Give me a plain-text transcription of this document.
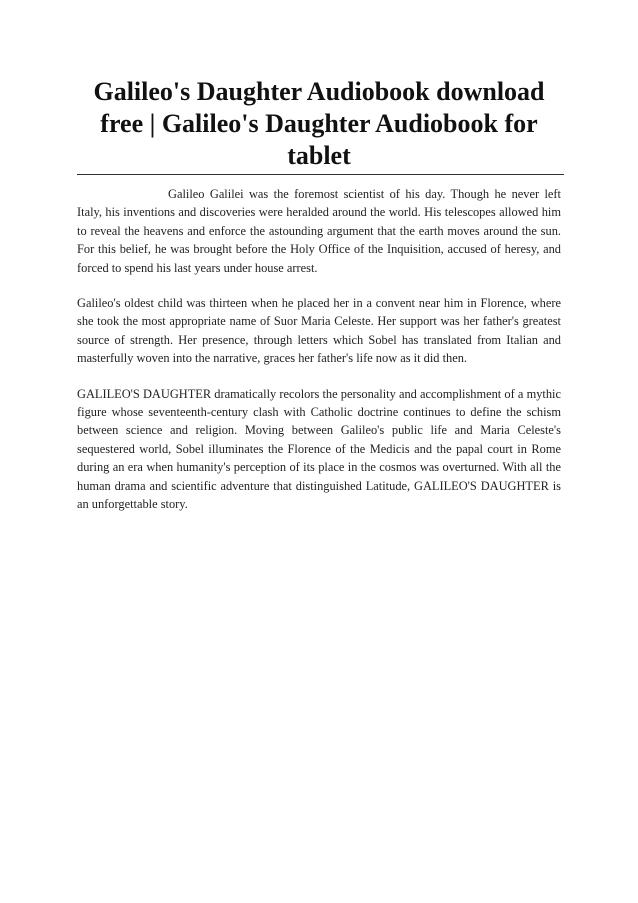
Galileo's Daughter Audiobook download free | Galileo's Daughter Audiobook for tablet

Galileo Galilei was the foremost scientist of his day. Though he never left Italy, his inventions and discoveries were heralded around the world. His telescopes allowed him to reveal the heavens and enforce the astounding argument that the earth moves around the sun. For this belief, he was brought before the Holy Office of the Inquisition, accused of heresy, and forced to spend his last years under house arrest.

Galileo's oldest child was thirteen when he placed her in a convent near him in Florence, where she took the most appropriate name of Suor Maria Celeste. Her support was her father's greatest source of strength. Her presence, through letters which Sobel has translated from Italian and masterfully woven into the narrative, graces her father's life now as it did then.

GALILEO'S DAUGHTER dramatically recolors the personality and accomplishment of a mythic figure whose seventeenth-century clash with Catholic doctrine continues to define the schism between science and religion. Moving between Galileo's public life and Maria Celeste's sequestered world, Sobel illuminates the Florence of the Medicis and the papal court in Rome during an era when humanity's perception of its place in the cosmos was overturned. With all the human drama and scientific adventure that distinguished Latitude, GALILEO'S DAUGHTER is an unforgettable story.
